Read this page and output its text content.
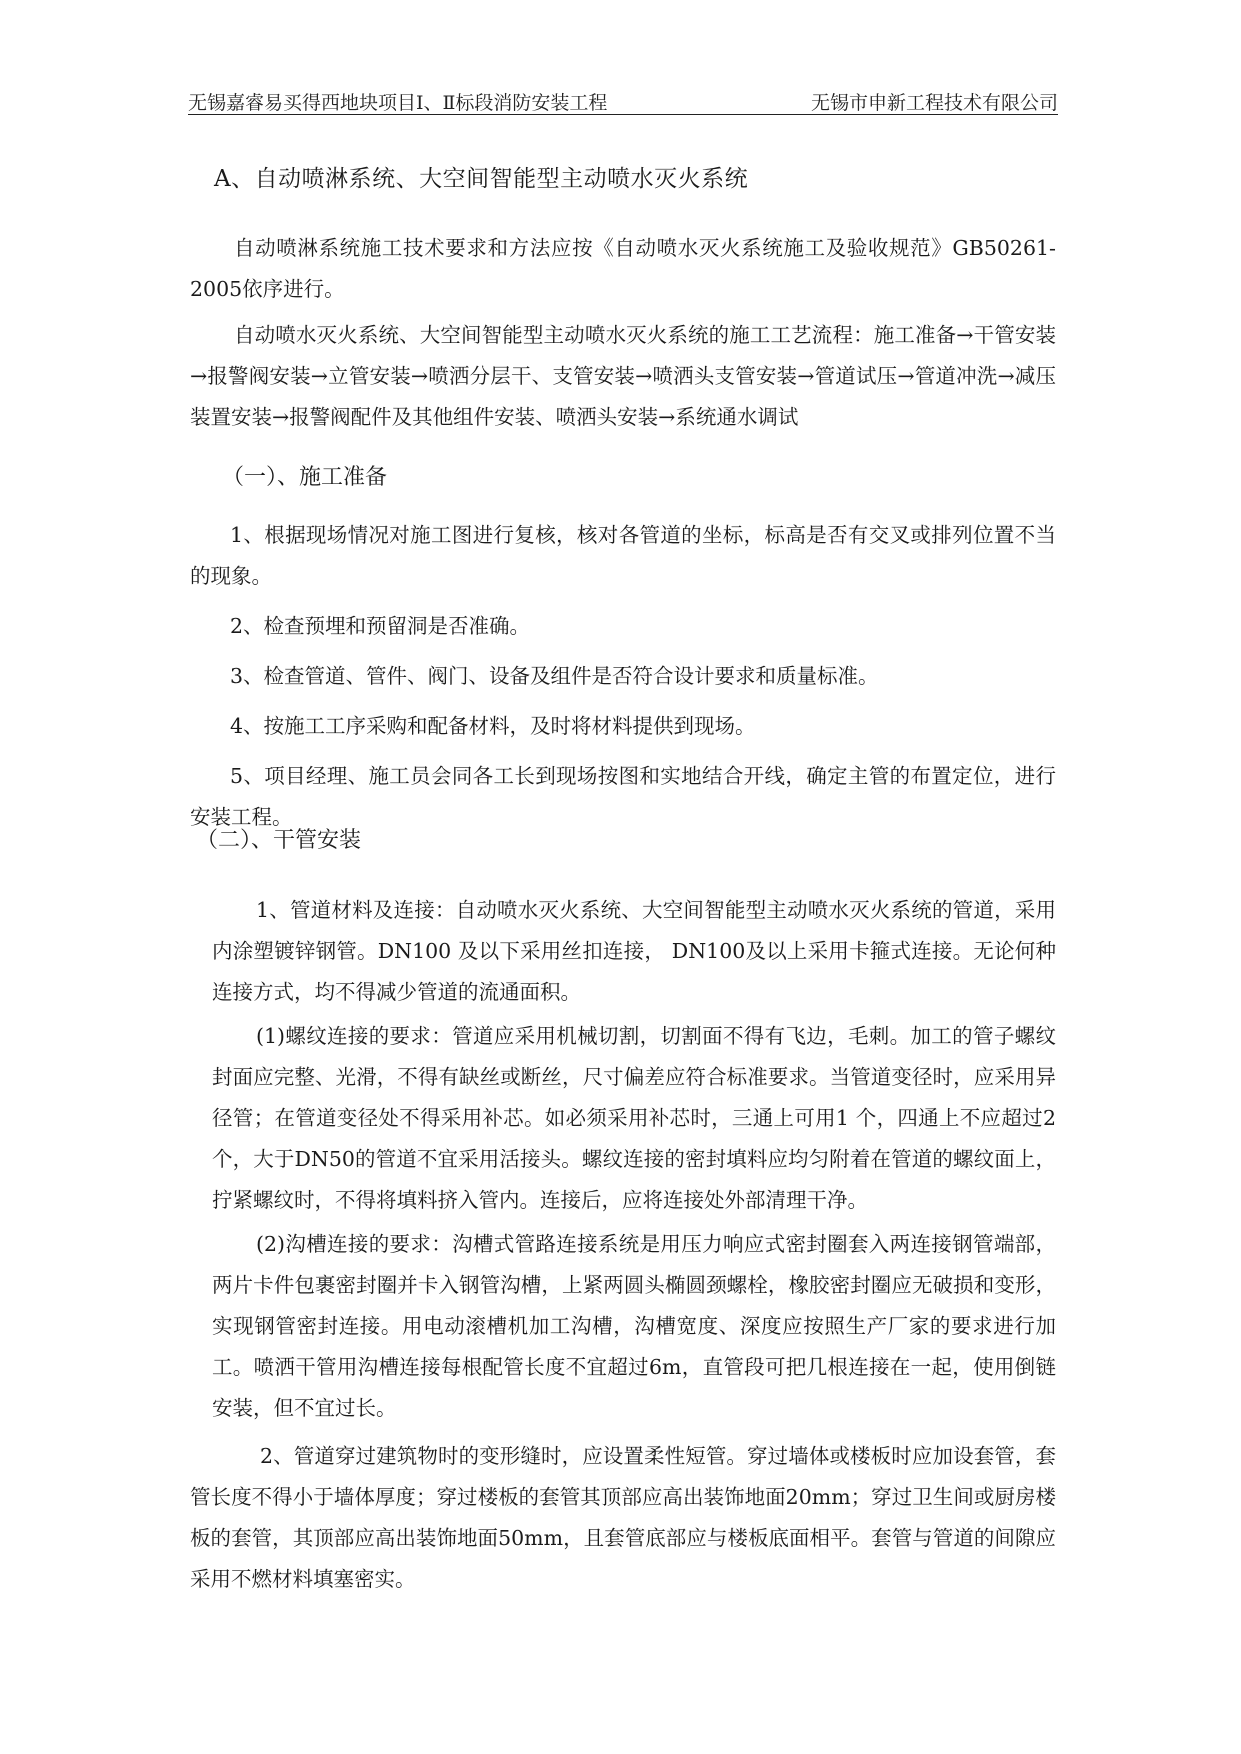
无锡嘉睿易买得西地块项目Ⅰ、Ⅱ标段消防安装工程	无锡市申新工程技术有限公司
A、自动喷淋系统、大空间智能型主动喷水灭火系统

自动喷淋系统施工技术要求和方法应按《自动喷水灭火系统施工及验收规范》GB50261-2005依序进行。

自动喷水灭火系统、大空间智能型主动喷水灭火系统的施工工艺流程：施工准备→干管安装→报警阀安装→立管安装→喷洒分层干、支管安装→喷洒头支管安装→管道试压→管道冲洗→减压装置安装→报警阀配件及其他组件安装、喷洒头安装→系统通水调试

（一）、施工准备
1、根据现场情况对施工图进行复核，核对各管道的坐标，标高是否有交叉或排列位置不当的现象。
2、检查预埋和预留洞是否准确。
3、检查管道、管件、阀门、设备及组件是否符合设计要求和质量标准。
4、按施工工序采购和配备材料，及时将材料提供到现场。
5、项目经理、施工员会同各工长到现场按图和实地结合开线，确定主管的布置定位，进行安装工程。
（二）、干管安装

1、管道材料及连接：自动喷水灭火系统、大空间智能型主动喷水灭火系统的管道，采用内涂塑镀锌钢管。DN100 及以下采用丝扣连接， DN100及以上采用卡箍式连接。无论何种连接方式，均不得减少管道的流通面积。

(1)螺纹连接的要求：管道应采用机械切割，切割面不得有飞边，毛刺。加工的管子螺纹封面应完整、光滑，不得有缺丝或断丝，尺寸偏差应符合标准要求。当管道变径时，应采用异径管；在管道变径处不得采用补芯。如必须采用补芯时，三通上可用1 个，四通上不应超过2个，大于DN50的管道不宜采用活接头。螺纹连接的密封填料应均匀附着在管道的螺纹面上，拧紧螺纹时，不得将填料挤入管内。连接后，应将连接处外部清理干净。

(2)沟槽连接的要求：沟槽式管路连接系统是用压力响应式密封圈套入两连接钢管端部，两片卡件包裹密封圈并卡入钢管沟槽，上紧两圆头椭圆颈螺栓，橡胶密封圈应无破损和变形，实现钢管密封连接。用电动滚槽机加工沟槽，沟槽宽度、深度应按照生产厂家的要求进行加工。喷洒干管用沟槽连接每根配管长度不宜超过6m，直管段可把几根连接在一起，使用倒链安装，但不宜过长。

2、管道穿过建筑物时的变形缝时，应设置柔性短管。穿过墙体或楼板时应加设套管，套管长度不得小于墙体厚度；穿过楼板的套管其顶部应高出装饰地面20mm；穿过卫生间或厨房楼板的套管，其顶部应高出装饰地面50mm，且套管底部应与楼板底面相平。套管与管道的间隙应采用不燃材料填塞密实。
